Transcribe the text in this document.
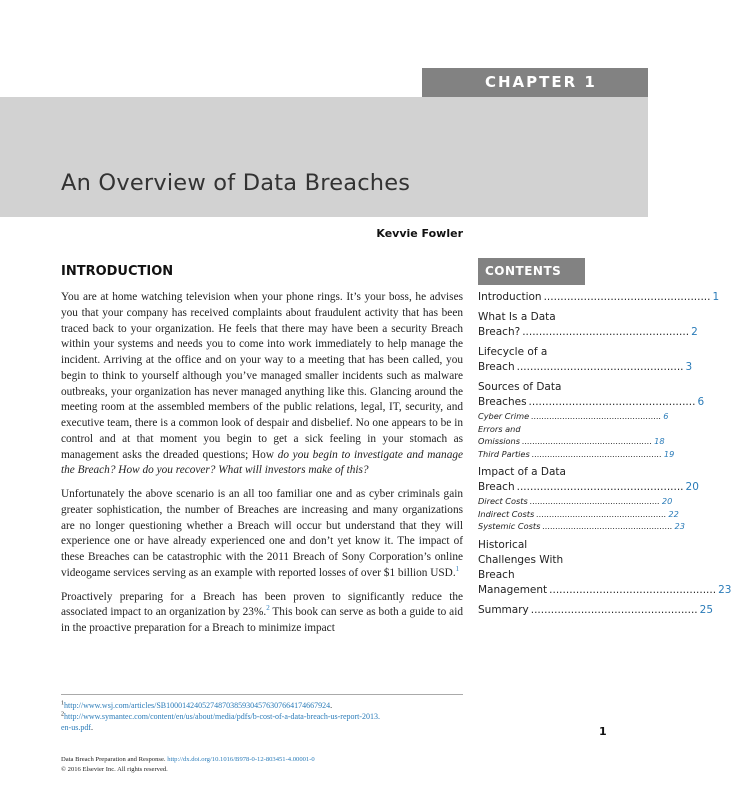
CHAPTER 1
An Overview of Data Breaches
Kevvie Fowler
INTRODUCTION

You are at home watching television when your phone rings. It’s your boss, he advises you that your company has received complaints about fraudulent activity that has been traced back to your organization. He feels that there may have been a security Breach within your systems and needs you to come into work immediately to help manage the incident. Arriving at the office and on your way to a meeting that has been called, you begin to think to yourself although you’ve managed smaller incidents such as malware outbreaks, your organization has never managed anything like this. Glancing around the meeting room at the assembled members of the public relations, legal, IT, security, and executive team, there is a common look of despair and disbelief. No one appears to be in control and at that moment you begin to get a sick feeling in your stomach as management asks the dreaded questions; How do you begin to investigate and manage the Breach? How do you recover? What will investors make of this?

Unfortunately the above scenario is an all too familiar one and as cyber criminals gain greater sophistication, the number of Breaches are increasing and many organizations are no longer questioning whether a Breach will occur but understand that they will experience one or have already experienced one and don’t yet know it. The impact of these Breaches can be catastrophic with the 2011 Breach of Sony Corporation’s online videogame services serving as an example with reported losses of over $1 billion USD.$^1$

Proactively preparing for a Breach has been proven to significantly reduce the associated impact to an organization by 23%.$^2$ This book can serve as both a guide to aid in the proactive preparation for a Breach to minimize impact

CONTENTS
Introduction .................................................. 1
What Is a Data
Breach? .................................................. 2
Lifecycle of a
Breach .................................................. 3
Sources of Data
Breaches .................................................. 6
Cyber Crime .................................................. 6
Errors and
Omissions .................................................. 18
Third Parties .................................................. 19
Impact of a Data
Breach .................................................. 20
Direct Costs .................................................. 20
Indirect Costs .................................................. 22
Systemic Costs .................................................. 23
Historical
Challenges With
Breach
Management .................................................. 23
Summary .................................................. 25
$^1$http://www.wsj.com/articles/SB10001424052748703859304576307664174667924.
$^2$http://www.symantec.com/content/en/us/about/media/pdfs/b-cost-of-a-data-breach-us-report-2013.
en-us.pdf.	1
Data Breach Preparation and Response. http://dx.doi.org/10.1016/B978-0-12-803451-4.00001-0
© 2016 Elsevier Inc. All rights reserved.
